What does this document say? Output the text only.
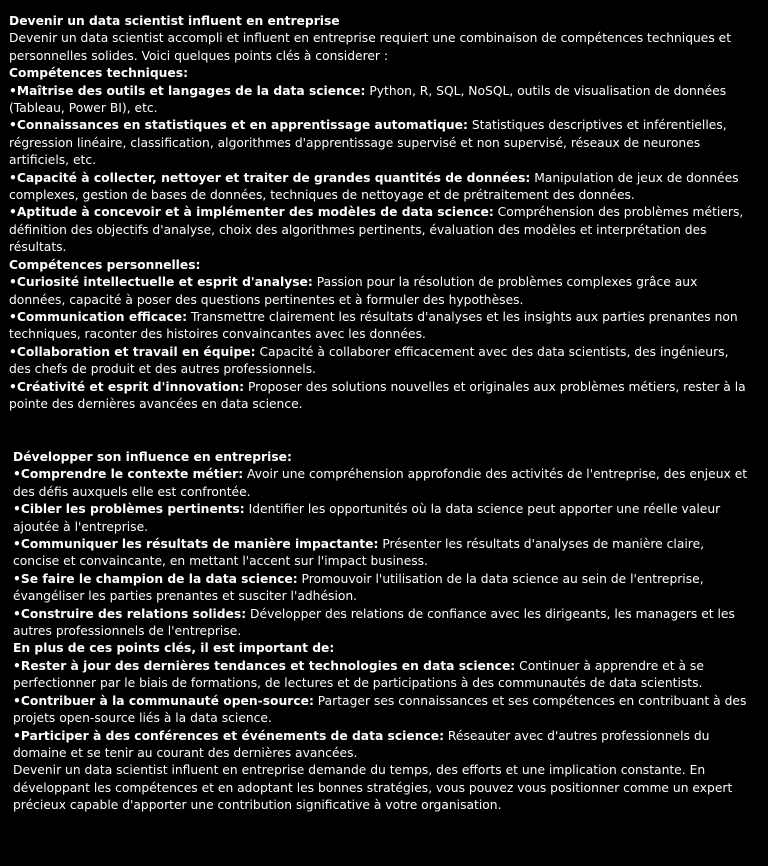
Devenir un data scientist influent en entreprise

Devenir un data scientist accompli et influent en entreprise requiert une combinaison de compétences techniques et personnelles solides. Voici quelques points clés à considerer :

Compétences techniques:

•Maîtrise des outils et langages de la data science: Python, R, SQL, NoSQL, outils de visualisation de données (Tableau, Power BI), etc.

•Connaissances en statistiques et en apprentissage automatique: Statistiques descriptives et inférentielles, régression linéaire, classification, algorithmes d'apprentissage supervisé et non supervisé, réseaux de neurones artificiels, etc.

•Capacité à collecter, nettoyer et traiter de grandes quantités de données: Manipulation de jeux de données complexes, gestion de bases de données, techniques de nettoyage et de prétraitement des données.

•Aptitude à concevoir et à implémenter des modèles de data science: Compréhension des problèmes métiers, définition des objectifs d'analyse, choix des algorithmes pertinents, évaluation des modèles et interprétation des résultats.

Compétences personnelles:

•Curiosité intellectuelle et esprit d'analyse: Passion pour la résolution de problèmes complexes grâce aux données, capacité à poser des questions pertinentes et à formuler des hypothèses.

•Communication efficace: Transmettre clairement les résultats d'analyses et les insights aux parties prenantes non techniques, raconter des histoires convaincantes avec les données.

•Collaboration et travail en équipe: Capacité à collaborer efficacement avec des data scientists, des ingénieurs, des chefs de produit et des autres professionnels.

•Créativité et esprit d'innovation: Proposer des solutions nouvelles et originales aux problèmes métiers, rester à la pointe des dernières avancées en data science.

Développer son influence en entreprise:

•Comprendre le contexte métier: Avoir une compréhension approfondie des activités de l'entreprise, des enjeux et des défis auxquels elle est confrontée.

•Cibler les problèmes pertinents: Identifier les opportunités où la data science peut apporter une réelle valeur ajoutée à l'entreprise.

•Communiquer les résultats de manière impactante: Présenter les résultats d'analyses de manière claire, concise et convaincante, en mettant l'accent sur l'impact business.

•Se faire le champion de la data science: Promouvoir l'utilisation de la data science au sein de l'entreprise, évangéliser les parties prenantes et susciter l'adhésion.

•Construire des relations solides: Développer des relations de confiance avec les dirigeants, les managers et les autres professionnels de l'entreprise.

En plus de ces points clés, il est important de:

•Rester à jour des dernières tendances et technologies en data science: Continuer à apprendre et à se perfectionner par le biais de formations, de lectures et de participations à des communautés de data scientists.

•Contribuer à la communauté open-source: Partager ses connaissances et ses compétences en contribuant à des projets open-source liés à la data science.

•Participer à des conférences et événements de data science: Réseauter avec d'autres professionnels du domaine et se tenir au courant des dernières avancées.

Devenir un data scientist influent en entreprise demande du temps, des efforts et une implication constante. En développant les compétences et en adoptant les bonnes stratégies, vous pouvez vous positionner comme un expert précieux capable d'apporter une contribution significative à votre organisation.
